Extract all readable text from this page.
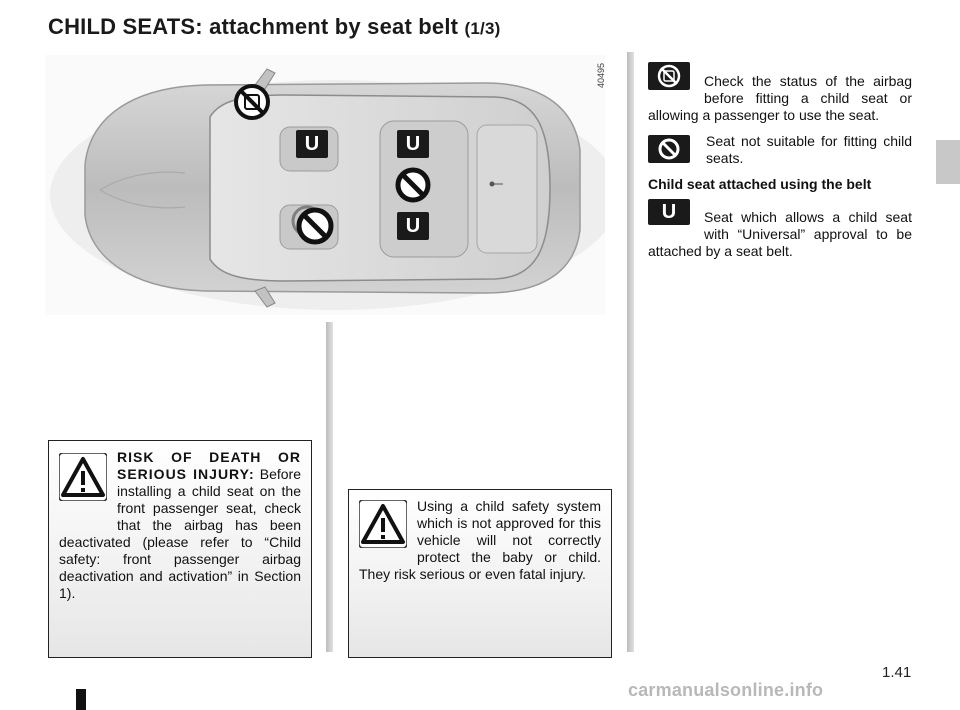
CHILD SEATS: attachment by seat belt (1/3)
U	U
U
40495	Check the status of the airbag before fitting a child seat or allowing a passenger to use the seat.
Seat not suitable for fitting child seats.
Child seat attached using the belt
U	Seat which allows a child seat with “Universal” approval to be attached by a seat belt.
RISK OF DEATH OR SERIOUS INJURY: Before installing a child seat on the front passenger seat, check that the airbag has been deactivated (please refer to “Child safety: front passenger airbag deactivation and activation” in Section 1).
Using a child safety system which is not approved for this vehicle will not correctly protect the baby or child. They risk serious or even fatal injury.
1.41
carmanualsonline.info
